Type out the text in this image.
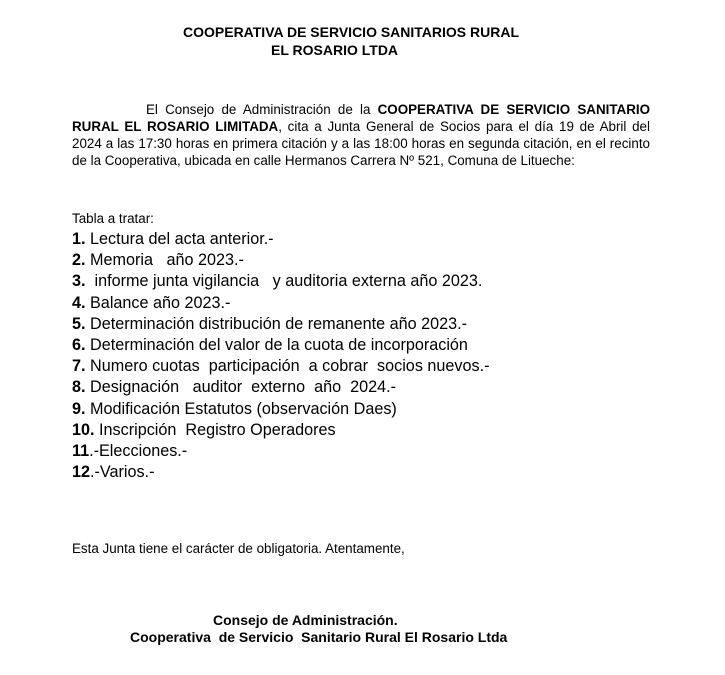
COOPERATIVA DE SERVICIO SANITARIOS RURAL
EL ROSARIO LTDA
El Consejo de Administración de la COOPERATIVA DE SERVICIO SANITARIO RURAL EL ROSARIO LIMITADA, cita a Junta General de Socios para el día 19 de Abril del 2024 a las 17:30 horas en primera citación y a las 18:00 horas en segunda citación, en el recinto de la Cooperativa, ubicada en calle Hermanos Carrera Nº 521, Comuna de Litueche:
Tabla a tratar:
1. Lectura del acta anterior.-
2. Memoria   año 2023.-
3.  informe junta vigilancia   y auditoria externa año 2023.
4. Balance año 2023.-
5. Determinación distribución de remanente año 2023.-
6. Determinación del valor de la cuota de incorporación
7. Numero cuotas  participación  a cobrar  socios nuevos.-
8. Designación   auditor  externo  año  2024.-
9. Modificación Estatutos (observación Daes)
10. Inscripción  Registro Operadores
11.-Elecciones.-
12.-Varios.-
Esta Junta tiene el carácter de obligatoria. Atentamente,
Consejo de Administración.
Cooperativa  de Servicio  Sanitario Rural El Rosario Ltda
